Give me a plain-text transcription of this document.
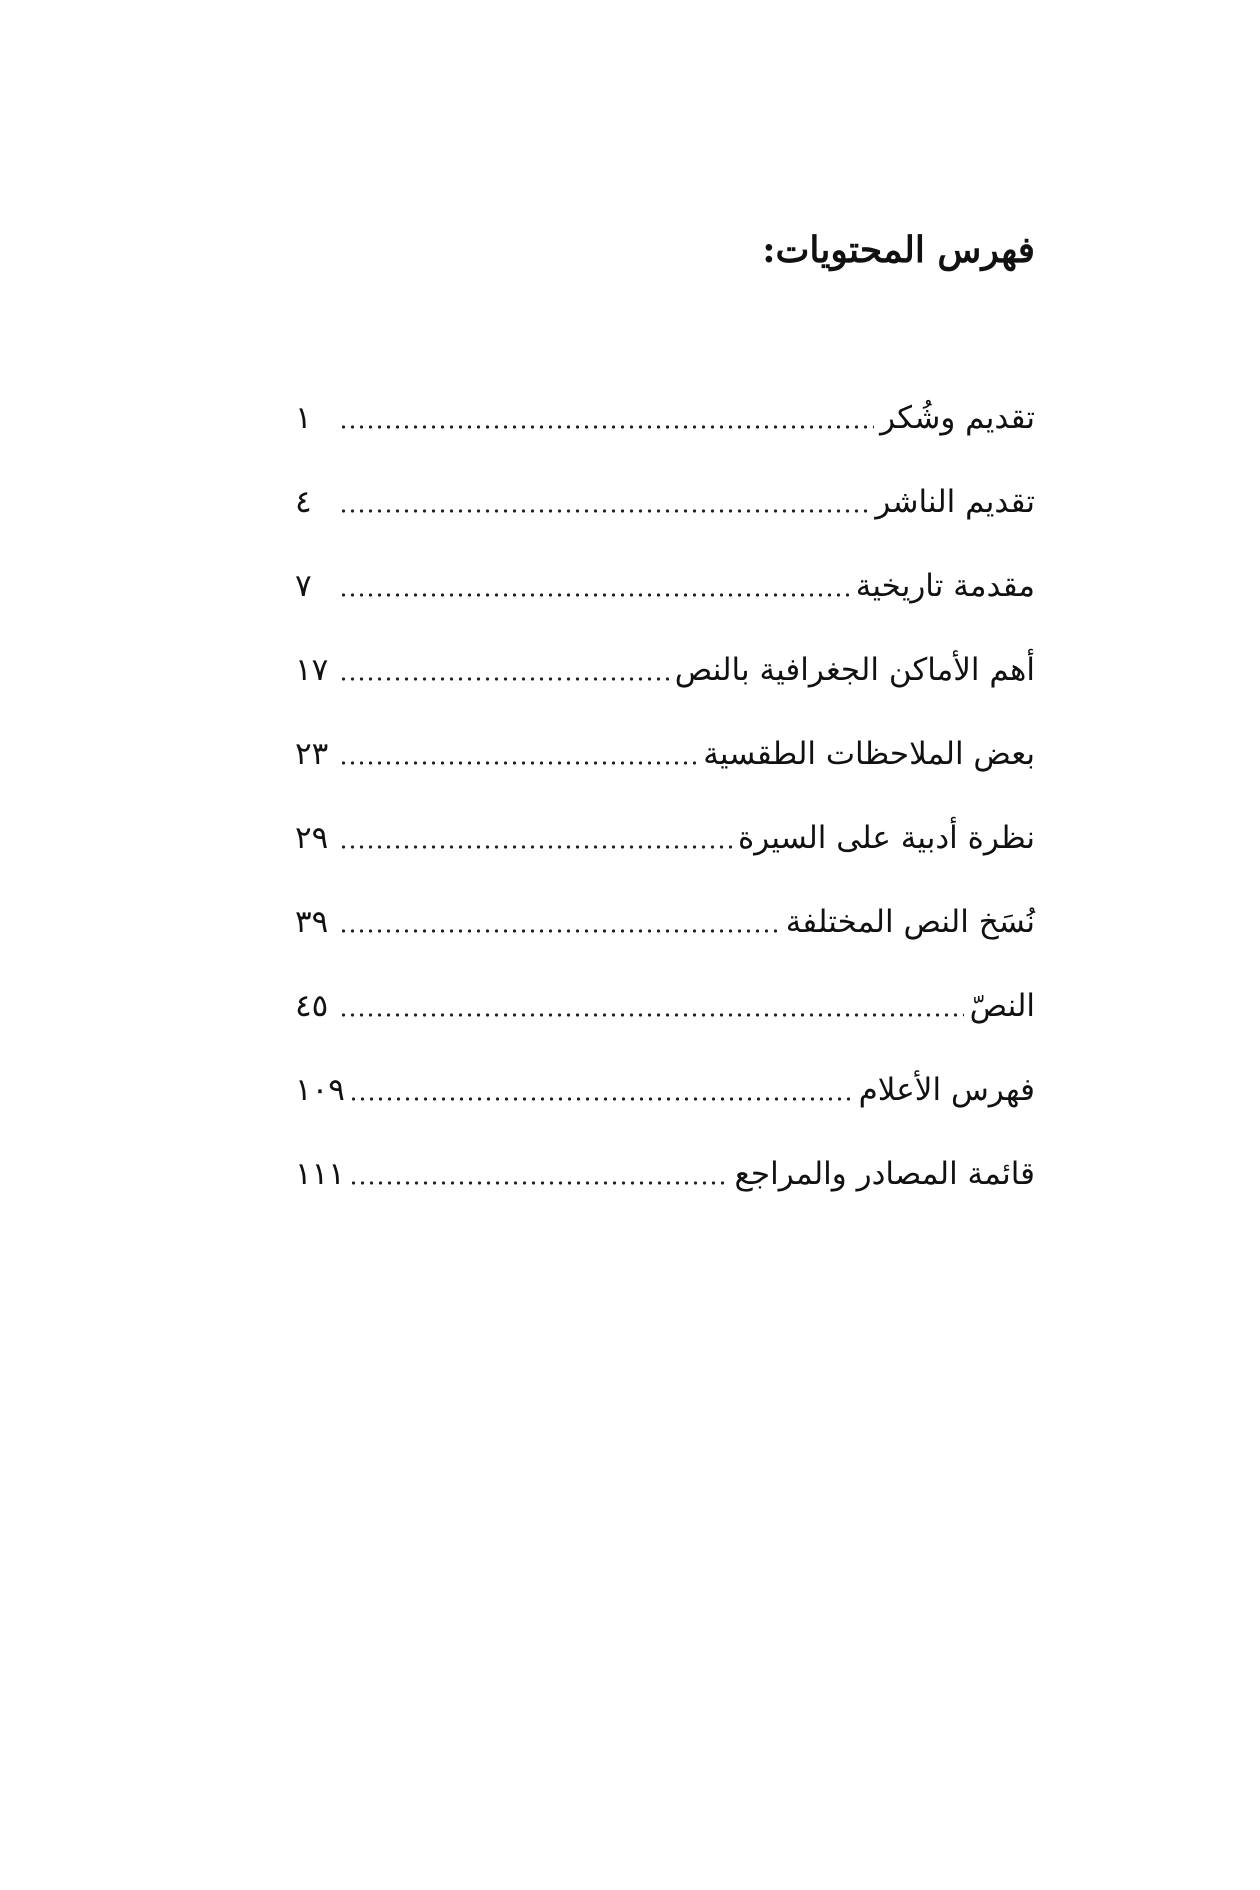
فهرس المحتويات:
تقديم وشُكر
١
تقديم الناشر
٤
مقدمة تاريخية
٧
أهم الأماكن الجغرافية بالنص
١٧
بعض الملاحظات الطقسية
٢٣
نظرة أدبية على السيرة
٢٩
نُسَخ النص المختلفة
٣٩
النصّ
٤٥
فهرس الأعلام
١٠٩
قائمة المصادر والمراجع
١١١
